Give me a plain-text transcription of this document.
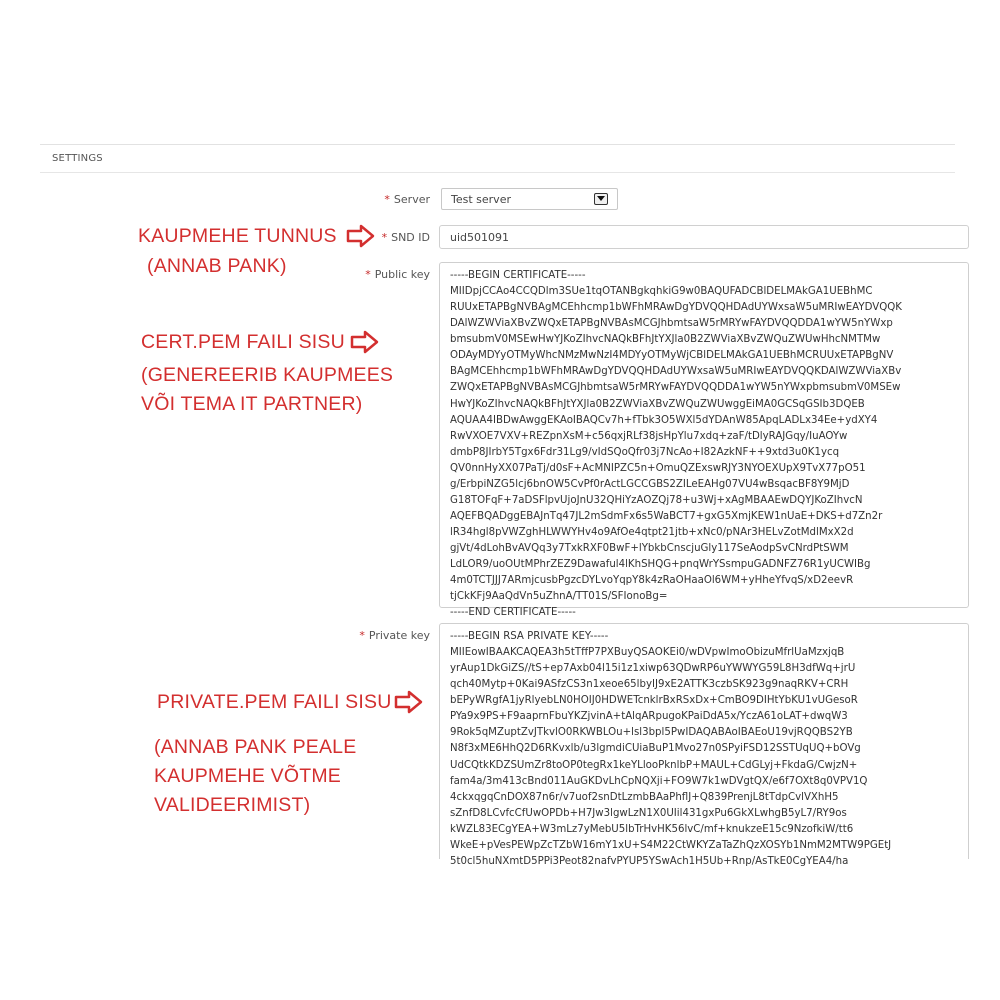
SETTINGS
* Server Test server
* SND ID	uid501091
* Public key	-----BEGIN CERTIFICATE-----
MIIDpjCCAo4CCQDlm3SUe1tqOTANBgkqhkiG9w0BAQUFADCBlDELMAkGA1UEBhMC
RUUxETAPBgNVBAgMCEhhcmp1bWFhMRAwDgYDVQQHDAdUYWxsaW5uMRIwEAYDVQQK
DAlWZWViaXBvZWQxETAPBgNVBAsMCGJhbmtsaW5rMRYwFAYDVQQDDA1wYW5nYWxp
bmsubmV0MSEwHwYJKoZIhvcNAQkBFhJtYXJla0B2ZWViaXBvZWQuZWUwHhcNMTMw
ODAyMDYyOTMyWhcNMzMwNzI4MDYyOTMyWjCBlDELMAkGA1UEBhMCRUUxETAPBgNV
BAgMCEhhcmp1bWFhMRAwDgYDVQQHDAdUYWxsaW5uMRIwEAYDVQQKDAlWZWViaXBv
ZWQxETAPBgNVBAsMCGJhbmtsaW5rMRYwFAYDVQQDDA1wYW5nYWxpbmsubmV0MSEw
HwYJKoZIhvcNAQkBFhJtYXJla0B2ZWViaXBvZWQuZWUwggEiMA0GCSqGSIb3DQEB
AQUAA4IBDwAwggEKAoIBAQCv7h+fTbk3O5WXl5dYDAnW85ApqLADLx34Ee+ydXY4
RwVXOE7VXV+REZpnXsM+c56qxjRLf38jsHpYlu7xdq+zaF/tDlyRAJGqy/IuAOYw
dmbP8JIrbY5Tgx6Fdr31Lg9/vIdSQoQfr03j7NcAo+I82AzkNF++9xtd3u0K1ycq
QV0nnHyXX07PaTj/d0sF+AcMNIPZC5n+OmuQZExswRJY3NYOEXUpX9TvX77pO51
g/ErbpiNZG5lcj6bnOW5CvPf0rActLGCCGBS2ZILeEAHg07VU4wBsqacBF8Y9MjD
G18TOFqF+7aDSFlpvUjoJnU32QHiYzAOZQj78+u3Wj+xAgMBAAEwDQYJKoZIhvcN
AQEFBQADggEBAJnTq47JL2mSdmFx6s5WaBCT7+gxG5XmjKEW1nUaE+DKS+d7Zn2r
lR34hgl8pVWZghHLWWYHv4o9AfOe4qtpt21jtb+xNc0/pNAr3HELvZotMdlMxX2d
gjVt/4dLohBvAVQq3y7TxkRXF0BwF+lYbkbCnscjuGly117SeAodpSvCNrdPtSWM
LdLOR9/uoOUtMPhrZEZ9Dawaful4lKhSHQG+pnqWrYSsmpuGADNFZ76R1yUCWIBg
4m0TCTJJJ7ARmjcusbPgzcDYLvoYqpY8k4zRaOHaaOl6WM+yHheYfvqS/xD2eevR
tjCkKFj9AaQdVn5uZhnA/TT01S/SFIonoBg=
-----END CERTIFICATE-----
* Private key	-----BEGIN RSA PRIVATE KEY-----
MIIEowIBAAKCAQEA3h5tTffP7PXBuyQSAOKEi0/wDVpwImoObizuMfrlUaMzxjqB
yrAup1DkGiZS//tS+ep7Axb04l15i1z1xiwp63QDwRP6uYWWYG59L8H3dfWq+jrU
qch40Mytp+0Kai9ASfzCS3n1xeoe65lbyIJ9xE2ATTK3czbSK923g9naqRKV+CRH
bEPyWRgfA1jyRlyebLN0HOIJ0HDWETcnklrBxRSxDx+CmBO9DIHtYbKU1vUGesoR
PYa9x9PS+F9aaprnFbuYKZjvinA+tAlqARpugoKPaiDdA5x/YczA61oLAT+dwqW3
9Rok5qMZuptZvJTkvlO0RKWBLOu+lsl3bpl5PwIDAQABAoIBAEoU19vjRQQBS2YB
N8f3xME6HhQ2D6RKvxlb/u3lgmdiCUiaBuP1Mvo27n0SPyiFSD12SSTUqUQ+bOVg
UdCQtkKDZSUmZr8toOP0tegRx1keYLlooPknlbP+MAUL+CdGLyj+FkdaG/CwjzN+
fam4a/3m413cBnd011AuGKDvLhCpNQXji+FO9W7k1wDVgtQX/e6f7OXt8q0VPV1Q
4ckxqgqCnDOX87n6r/v7uof2snDtLzmbBAaPhflJ+Q839PrenjL8tTdpCvlVXhH5
sZnfD8LCvfcCfUwOPDb+H7Jw3lgwLzN1X0UIil431gxPu6GkXLwhgB5yL7/RY9os
kWZL83ECgYEA+W3mLz7yMebU5lbTrHvHK56lvC/mf+knukzeE15c9NzofkiW/tt6
WkeE+pVesPEWpZcTZbW16mY1xU+S4M22CtWKYZaTaZhQzXOSYb1NmM2MTW9PGEtJ
5t0cl5huNXmtD5PPi3Peot82nafvPYUP5YSwAch1H5Ub+Rnp/AsTkE0CgYEA4/ha
KAUPMEHE TUNNUS
(ANNAB PANK)
CERT.PEM FAILI SISU
(GENEREERIB KAUPMEES
VÕI TEMA IT PARTNER)
PRIVATE.PEM FAILI SISU
(ANNAB PANK PEALE
KAUPMEHE VÕTME
VALIDEERIMIST)
